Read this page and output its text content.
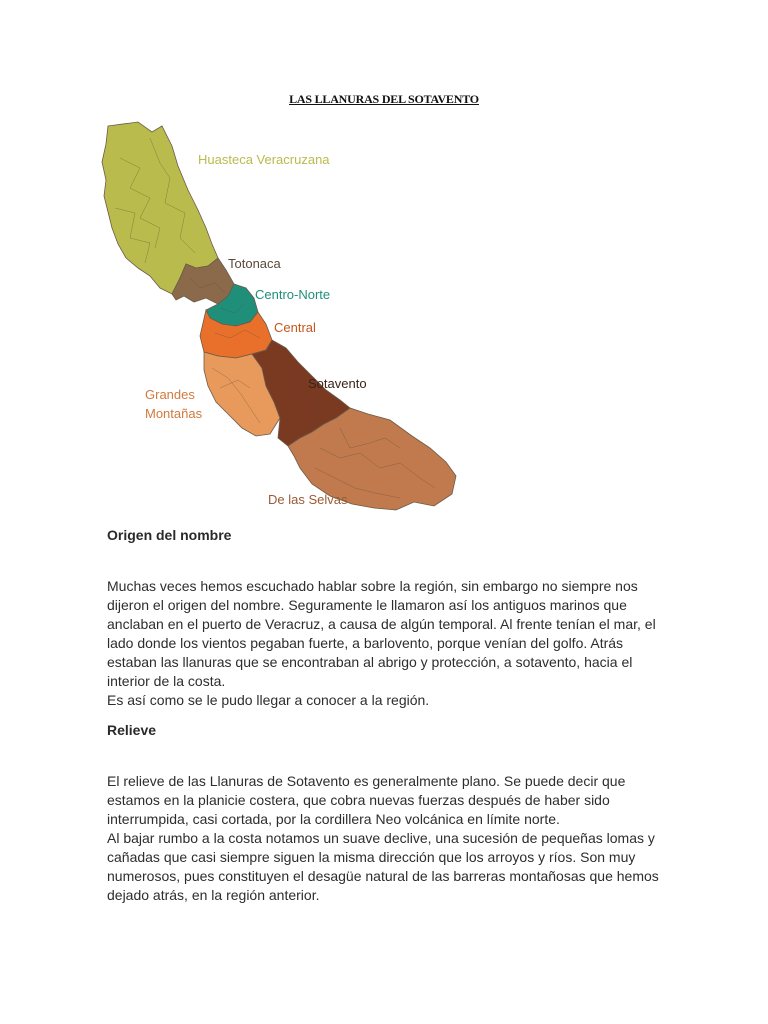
LAS LLANURAS DEL SOTAVENTO
Huasteca Veracruzana
Totonaca
Centro-Norte
Central
Sotavento
Grandes
Montañas
De las Selvas
Origen del nombre

Muchas veces hemos escuchado hablar sobre la región, sin embargo no siempre nos dijeron el origen del nombre. Seguramente le llamaron así los antiguos marinos que anclaban en el puerto de Veracruz, a causa de algún temporal. Al frente tenían el mar, el lado donde los vientos pegaban fuerte, a barlovento, porque venían del golfo. Atrás estaban las llanuras que se encontraban al abrigo y protección, a sotavento, hacia el interior de la costa.

Es así como se le pudo llegar a conocer a la región.

Relieve

El relieve de las Llanuras de Sotavento es generalmente plano. Se puede decir que estamos en la planicie costera, que cobra nuevas fuerzas después de haber sido interrumpida, casi cortada, por la cordillera Neo volcánica en límite norte.

Al bajar rumbo a la costa notamos un suave declive, una sucesión de pequeñas lomas y cañadas que casi siempre siguen la misma dirección que los arroyos y ríos. Son muy numerosos, pues constituyen el desagüe natural de las barreras montañosas que hemos dejado atrás, en la región anterior.
